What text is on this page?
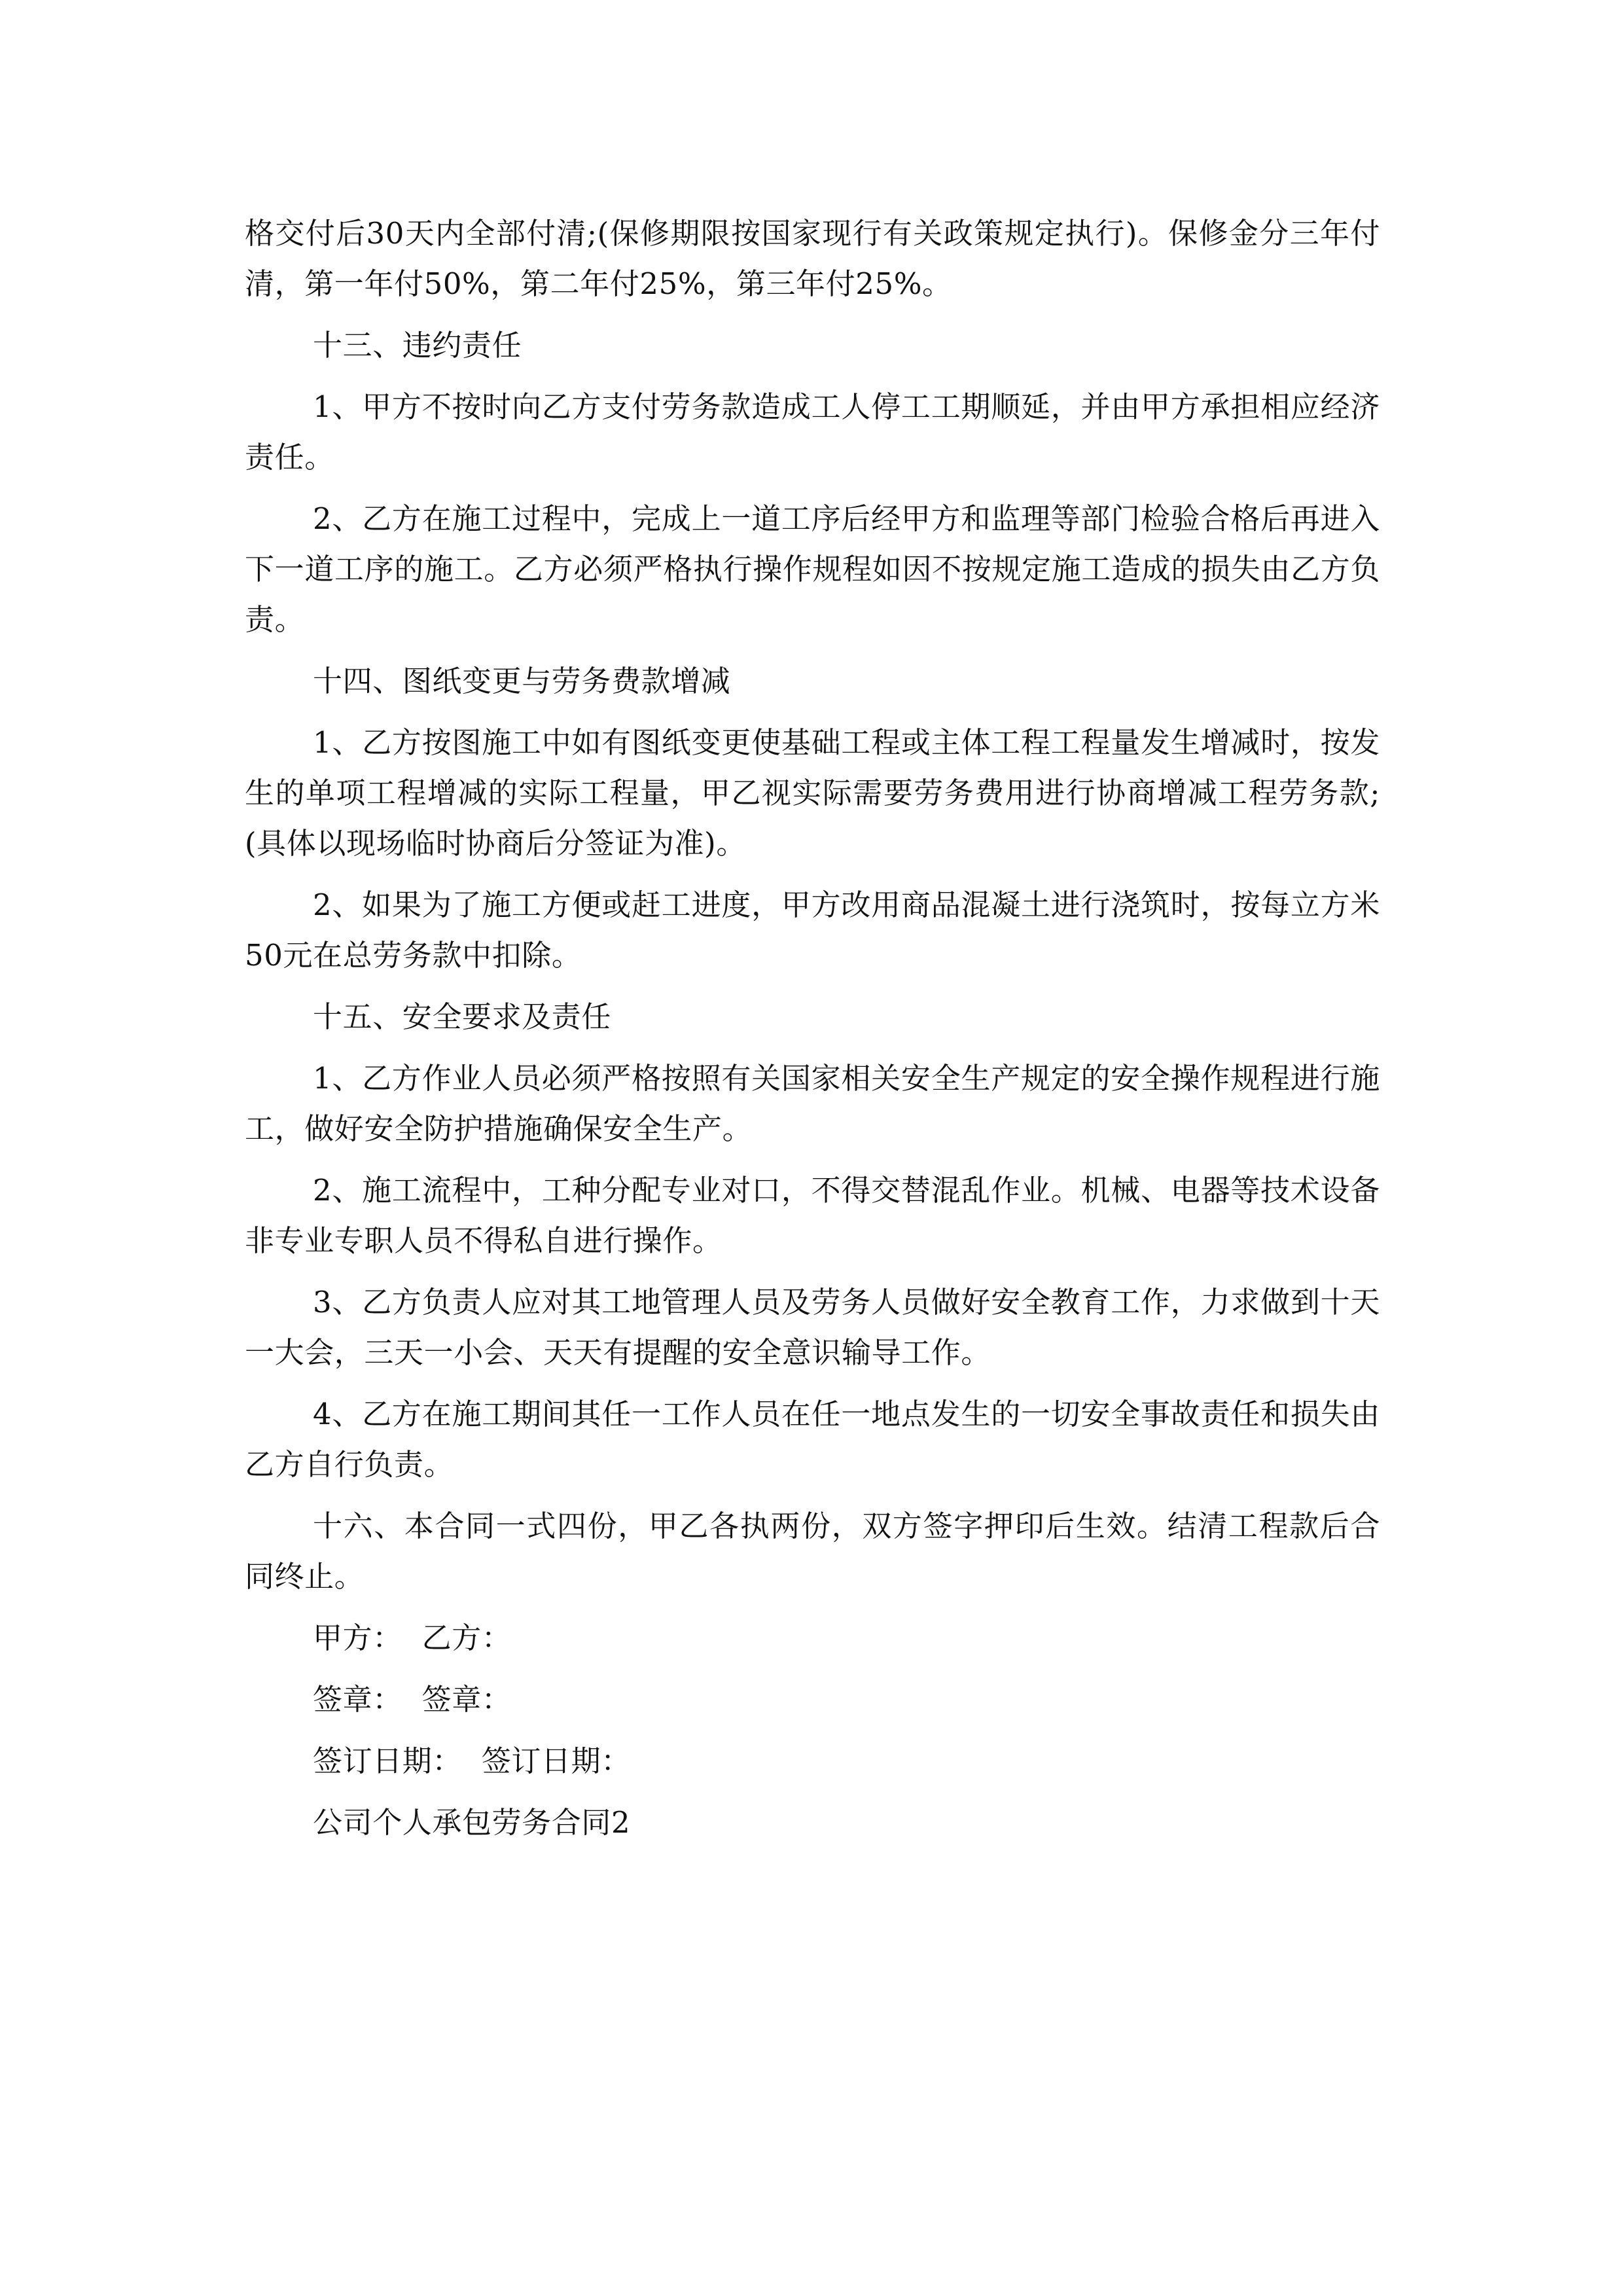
格交付后30天内全部付清;(保修期限按国家现行有关政策规定执行)。保修金分三年付清，第一年付50%，第二年付25%，第三年付25%。

十三、违约责任

1、甲方不按时向乙方支付劳务款造成工人停工工期顺延，并由甲方承担相应经济责任。

2、乙方在施工过程中，完成上一道工序后经甲方和监理等部门检验合格后再进入下一道工序的施工。乙方必须严格执行操作规程如因不按规定施工造成的损失由乙方负责。

十四、图纸变更与劳务费款增减

1、乙方按图施工中如有图纸变更使基础工程或主体工程工程量发生增减时，按发生的单项工程增减的实际工程量，甲乙视实际需要劳务费用进行协商增减工程劳务款;(具体以现场临时协商后分签证为准)。

2、如果为了施工方便或赶工进度，甲方改用商品混凝土进行浇筑时，按每立方米50元在总劳务款中扣除。

十五、安全要求及责任

1、乙方作业人员必须严格按照有关国家相关安全生产规定的安全操作规程进行施工，做好安全防护措施确保安全生产。

2、施工流程中，工种分配专业对口，不得交替混乱作业。机械、电器等技术设备非专业专职人员不得私自进行操作。

3、乙方负责人应对其工地管理人员及劳务人员做好安全教育工作，力求做到十天一大会，三天一小会、天天有提醒的安全意识输导工作。

4、乙方在施工期间其任一工作人员在任一地点发生的一切安全事故责任和损失由乙方自行负责。

十六、本合同一式四份，甲乙各执两份，双方签字押印后生效。结清工程款后合同终止。

甲方： 乙方：
签章： 签章：
签订日期： 签订日期：
公司个人承包劳务合同2
